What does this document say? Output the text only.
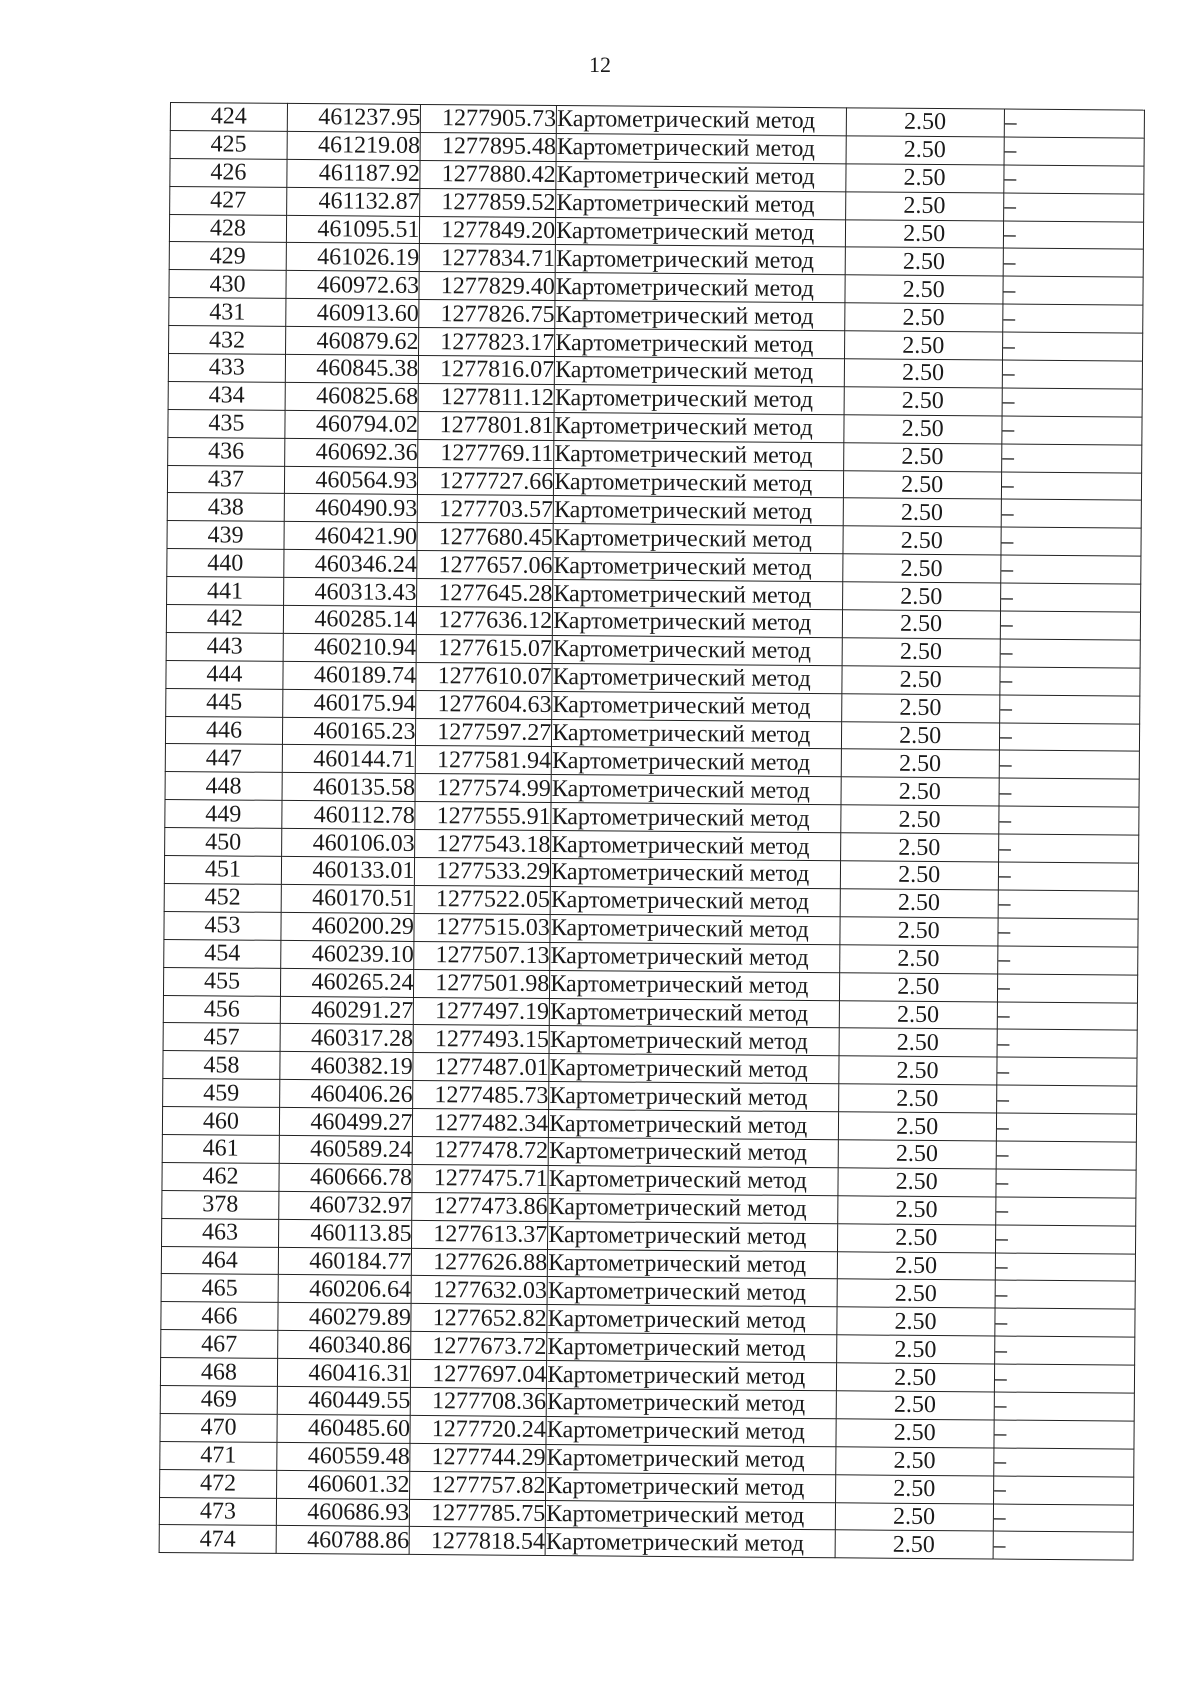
12
424	461237.95	1277905.73	Картометрический метод	2.50	–
425	461219.08	1277895.48	Картометрический метод	2.50	–
426	461187.92	1277880.42	Картометрический метод	2.50	–
427	461132.87	1277859.52	Картометрический метод	2.50	–
428	461095.51	1277849.20	Картометрический метод	2.50	–
429	461026.19	1277834.71	Картометрический метод	2.50	–
430	460972.63	1277829.40	Картометрический метод	2.50	–
431	460913.60	1277826.75	Картометрический метод	2.50	–
432	460879.62	1277823.17	Картометрический метод	2.50	–
433	460845.38	1277816.07	Картометрический метод	2.50	–
434	460825.68	1277811.12	Картометрический метод	2.50	–
435	460794.02	1277801.81	Картометрический метод	2.50	–
436	460692.36	1277769.11	Картометрический метод	2.50	–
437	460564.93	1277727.66	Картометрический метод	2.50	–
438	460490.93	1277703.57	Картометрический метод	2.50	–
439	460421.90	1277680.45	Картометрический метод	2.50	–
440	460346.24	1277657.06	Картометрический метод	2.50	–
441	460313.43	1277645.28	Картометрический метод	2.50	–
442	460285.14	1277636.12	Картометрический метод	2.50	–
443	460210.94	1277615.07	Картометрический метод	2.50	–
444	460189.74	1277610.07	Картометрический метод	2.50	–
445	460175.94	1277604.63	Картометрический метод	2.50	–
446	460165.23	1277597.27	Картометрический метод	2.50	–
447	460144.71	1277581.94	Картометрический метод	2.50	–
448	460135.58	1277574.99	Картометрический метод	2.50	–
449	460112.78	1277555.91	Картометрический метод	2.50	–
450	460106.03	1277543.18	Картометрический метод	2.50	–
451	460133.01	1277533.29	Картометрический метод	2.50	–
452	460170.51	1277522.05	Картометрический метод	2.50	–
453	460200.29	1277515.03	Картометрический метод	2.50	–
454	460239.10	1277507.13	Картометрический метод	2.50	–
455	460265.24	1277501.98	Картометрический метод	2.50	–
456	460291.27	1277497.19	Картометрический метод	2.50	–
457	460317.28	1277493.15	Картометрический метод	2.50	–
458	460382.19	1277487.01	Картометрический метод	2.50	–
459	460406.26	1277485.73	Картометрический метод	2.50	–
460	460499.27	1277482.34	Картометрический метод	2.50	–
461	460589.24	1277478.72	Картометрический метод	2.50	–
462	460666.78	1277475.71	Картометрический метод	2.50	–
378	460732.97	1277473.86	Картометрический метод	2.50	–
463	460113.85	1277613.37	Картометрический метод	2.50	–
464	460184.77	1277626.88	Картометрический метод	2.50	–
465	460206.64	1277632.03	Картометрический метод	2.50	–
466	460279.89	1277652.82	Картометрический метод	2.50	–
467	460340.86	1277673.72	Картометрический метод	2.50	–
468	460416.31	1277697.04	Картометрический метод	2.50	–
469	460449.55	1277708.36	Картометрический метод	2.50	–
470	460485.60	1277720.24	Картометрический метод	2.50	–
471	460559.48	1277744.29	Картометрический метод	2.50	–
472	460601.32	1277757.82	Картометрический метод	2.50	–
473	460686.93	1277785.75	Картометрический метод	2.50	–
474	460788.86	1277818.54	Картометрический метод	2.50	–
